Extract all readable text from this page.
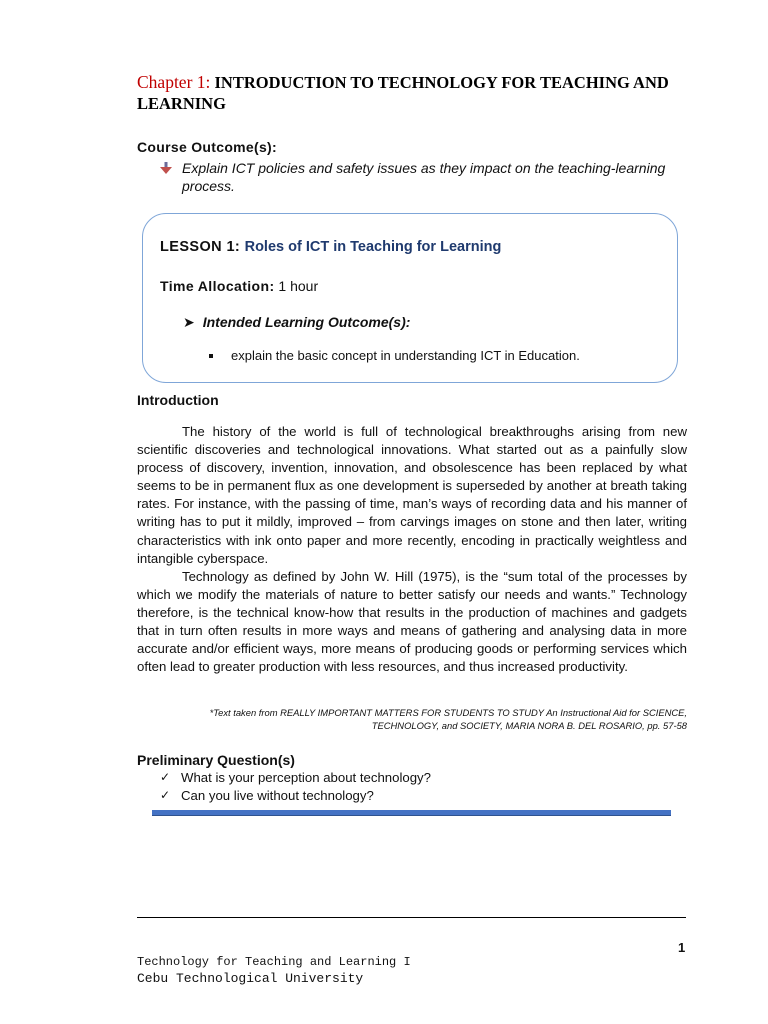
Chapter 1: INTRODUCTION TO TECHNOLOGY FOR TEACHING AND LEARNING
Course Outcome(s):
Explain ICT policies and safety issues as they impact on the teaching-learning process.
LESSON 1: Roles of ICT in Teaching for Learning
Time Allocation: 1 hour
➤ Intended Learning Outcome(s):
explain the basic concept in understanding ICT in Education.
Introduction

The history of the world is full of technological breakthroughs arising from new scientific discoveries and technological innovations. What started out as a painfully slow process of discovery, invention, innovation, and obsolescence has been replaced by what seems to be in permanent flux as one development is superseded by another at breath taking rates. For instance, with the passing of time, man’s ways of recording data and his manner of writing has to put it mildly, improved – from carvings images on stone and then later, writing characteristics with ink onto paper and more recently, encoding in practically weightless and intangible cyberspace.

Technology as defined by John W. Hill (1975), is the “sum total of the processes by which we modify the materials of nature to better satisfy our needs and wants.” Technology therefore, is the technical know-how that results in the production of machines and gadgets that in turn often results in more ways and means of gathering and analysing data in more accurate and/or efficient ways, more means of producing goods or performing services which often lead to greater production with less resources, and thus increased productivity.

*Text taken from REALLY IMPORTANT MATTERS FOR STUDENTS TO STUDY An Instructional Aid for SCIENCE,
TECHNOLOGY, and SOCIETY, MARIA NORA B. DEL ROSARIO, pp. 57-58
Preliminary Question(s)
✓ What is your perception about technology?
✓ Can you live without technology?
1
Technology for Teaching and Learning I
Cebu Technological University
